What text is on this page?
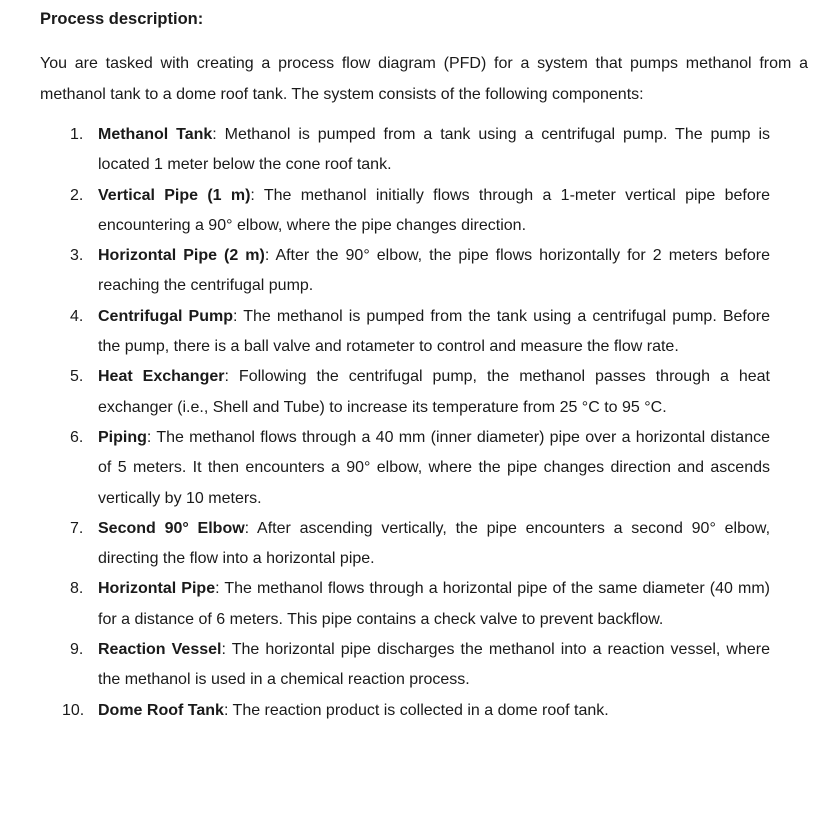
Process description:

You are tasked with creating a process flow diagram (PFD) for a system that pumps methanol from a methanol tank to a dome roof tank. The system consists of the following components:

1. Methanol Tank: Methanol is pumped from a tank using a centrifugal pump. The pump is located 1 meter below the cone roof tank.
2. Vertical Pipe (1 m): The methanol initially flows through a 1-meter vertical pipe before encountering a 90° elbow, where the pipe changes direction.
3. Horizontal Pipe (2 m): After the 90° elbow, the pipe flows horizontally for 2 meters before reaching the centrifugal pump.
4. Centrifugal Pump: The methanol is pumped from the tank using a centrifugal pump. Before the pump, there is a ball valve and rotameter to control and measure the flow rate.
5. Heat Exchanger: Following the centrifugal pump, the methanol passes through a heat exchanger (i.e., Shell and Tube) to increase its temperature from 25 °C to 95 °C.
6. Piping: The methanol flows through a 40 mm (inner diameter) pipe over a horizontal distance of 5 meters. It then encounters a 90° elbow, where the pipe changes direction and ascends vertically by 10 meters.
7. Second 90° Elbow: After ascending vertically, the pipe encounters a second 90° elbow, directing the flow into a horizontal pipe.
8. Horizontal Pipe: The methanol flows through a horizontal pipe of the same diameter (40 mm) for a distance of 6 meters. This pipe contains a check valve to prevent backflow.
9. Reaction Vessel: The horizontal pipe discharges the methanol into a reaction vessel, where the methanol is used in a chemical reaction process.
10. Dome Roof Tank: The reaction product is collected in a dome roof tank.
